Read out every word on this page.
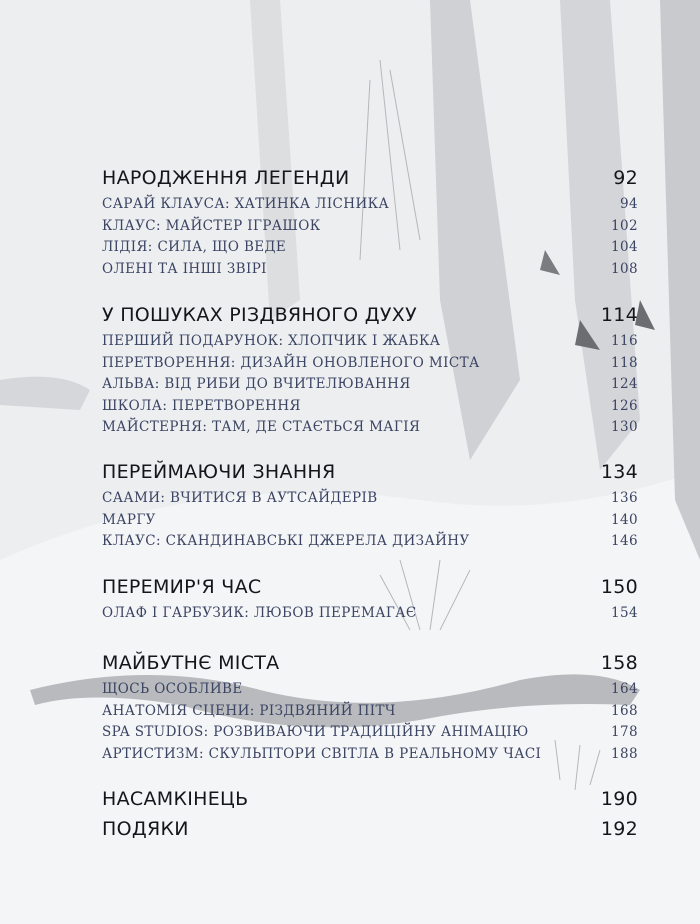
НАРОДЖЕННЯ ЛЕГЕНДИ	92
САРАЙ КЛАУСА: ХАТИНКА ЛІСНИКА	94
КЛАУС: МАЙСТЕР ІГРАШОК	102
ЛІДІЯ: СИЛА, ЩО ВЕДЕ	104
ОЛЕНІ ТА ІНШІ ЗВІРІ	108
У ПОШУКАХ РІЗДВЯНОГО ДУХУ	114
ПЕРШИЙ ПОДАРУНОК: ХЛОПЧИК І ЖАБКА	116
ПЕРЕТВОРЕННЯ: ДИЗАЙН ОНОВЛЕНОГО МІСТА	118
АЛЬВА: ВІД РИБИ ДО ВЧИТЕЛЮВАННЯ	124
ШКОЛА: ПЕРЕТВОРЕННЯ	126
МАЙСТЕРНЯ: ТАМ, ДЕ СТАЄТЬСЯ МАГІЯ	130
ПЕРЕЙМАЮЧИ ЗНАННЯ	134
СААМИ: ВЧИТИСЯ В АУТСАЙДЕРІВ	136
МАРГУ	140
КЛАУС: СКАНДИНАВСЬКІ ДЖЕРЕЛА ДИЗАЙНУ	146
ПЕРЕМИР'Я ЧАС	150
ОЛАФ І ГАРБУЗИК: ЛЮБОВ ПЕРЕМАГАЄ	154
МАЙБУТНЄ МІСТА	158
ЩОСЬ ОСОБЛИВЕ	164
АНАТОМІЯ СЦЕНИ: РІЗДВЯНИЙ ПІТЧ	168
SPA STUDIOS: РОЗВИВАЮЧИ ТРАДИЦІЙНУ АНІМАЦІЮ	178
АРТИСТИЗМ: СКУЛЬПТОРИ СВІТЛА В РЕАЛЬНОМУ ЧАСІ	188
НАСАМКІНЕЦЬ	190
ПОДЯКИ	192
